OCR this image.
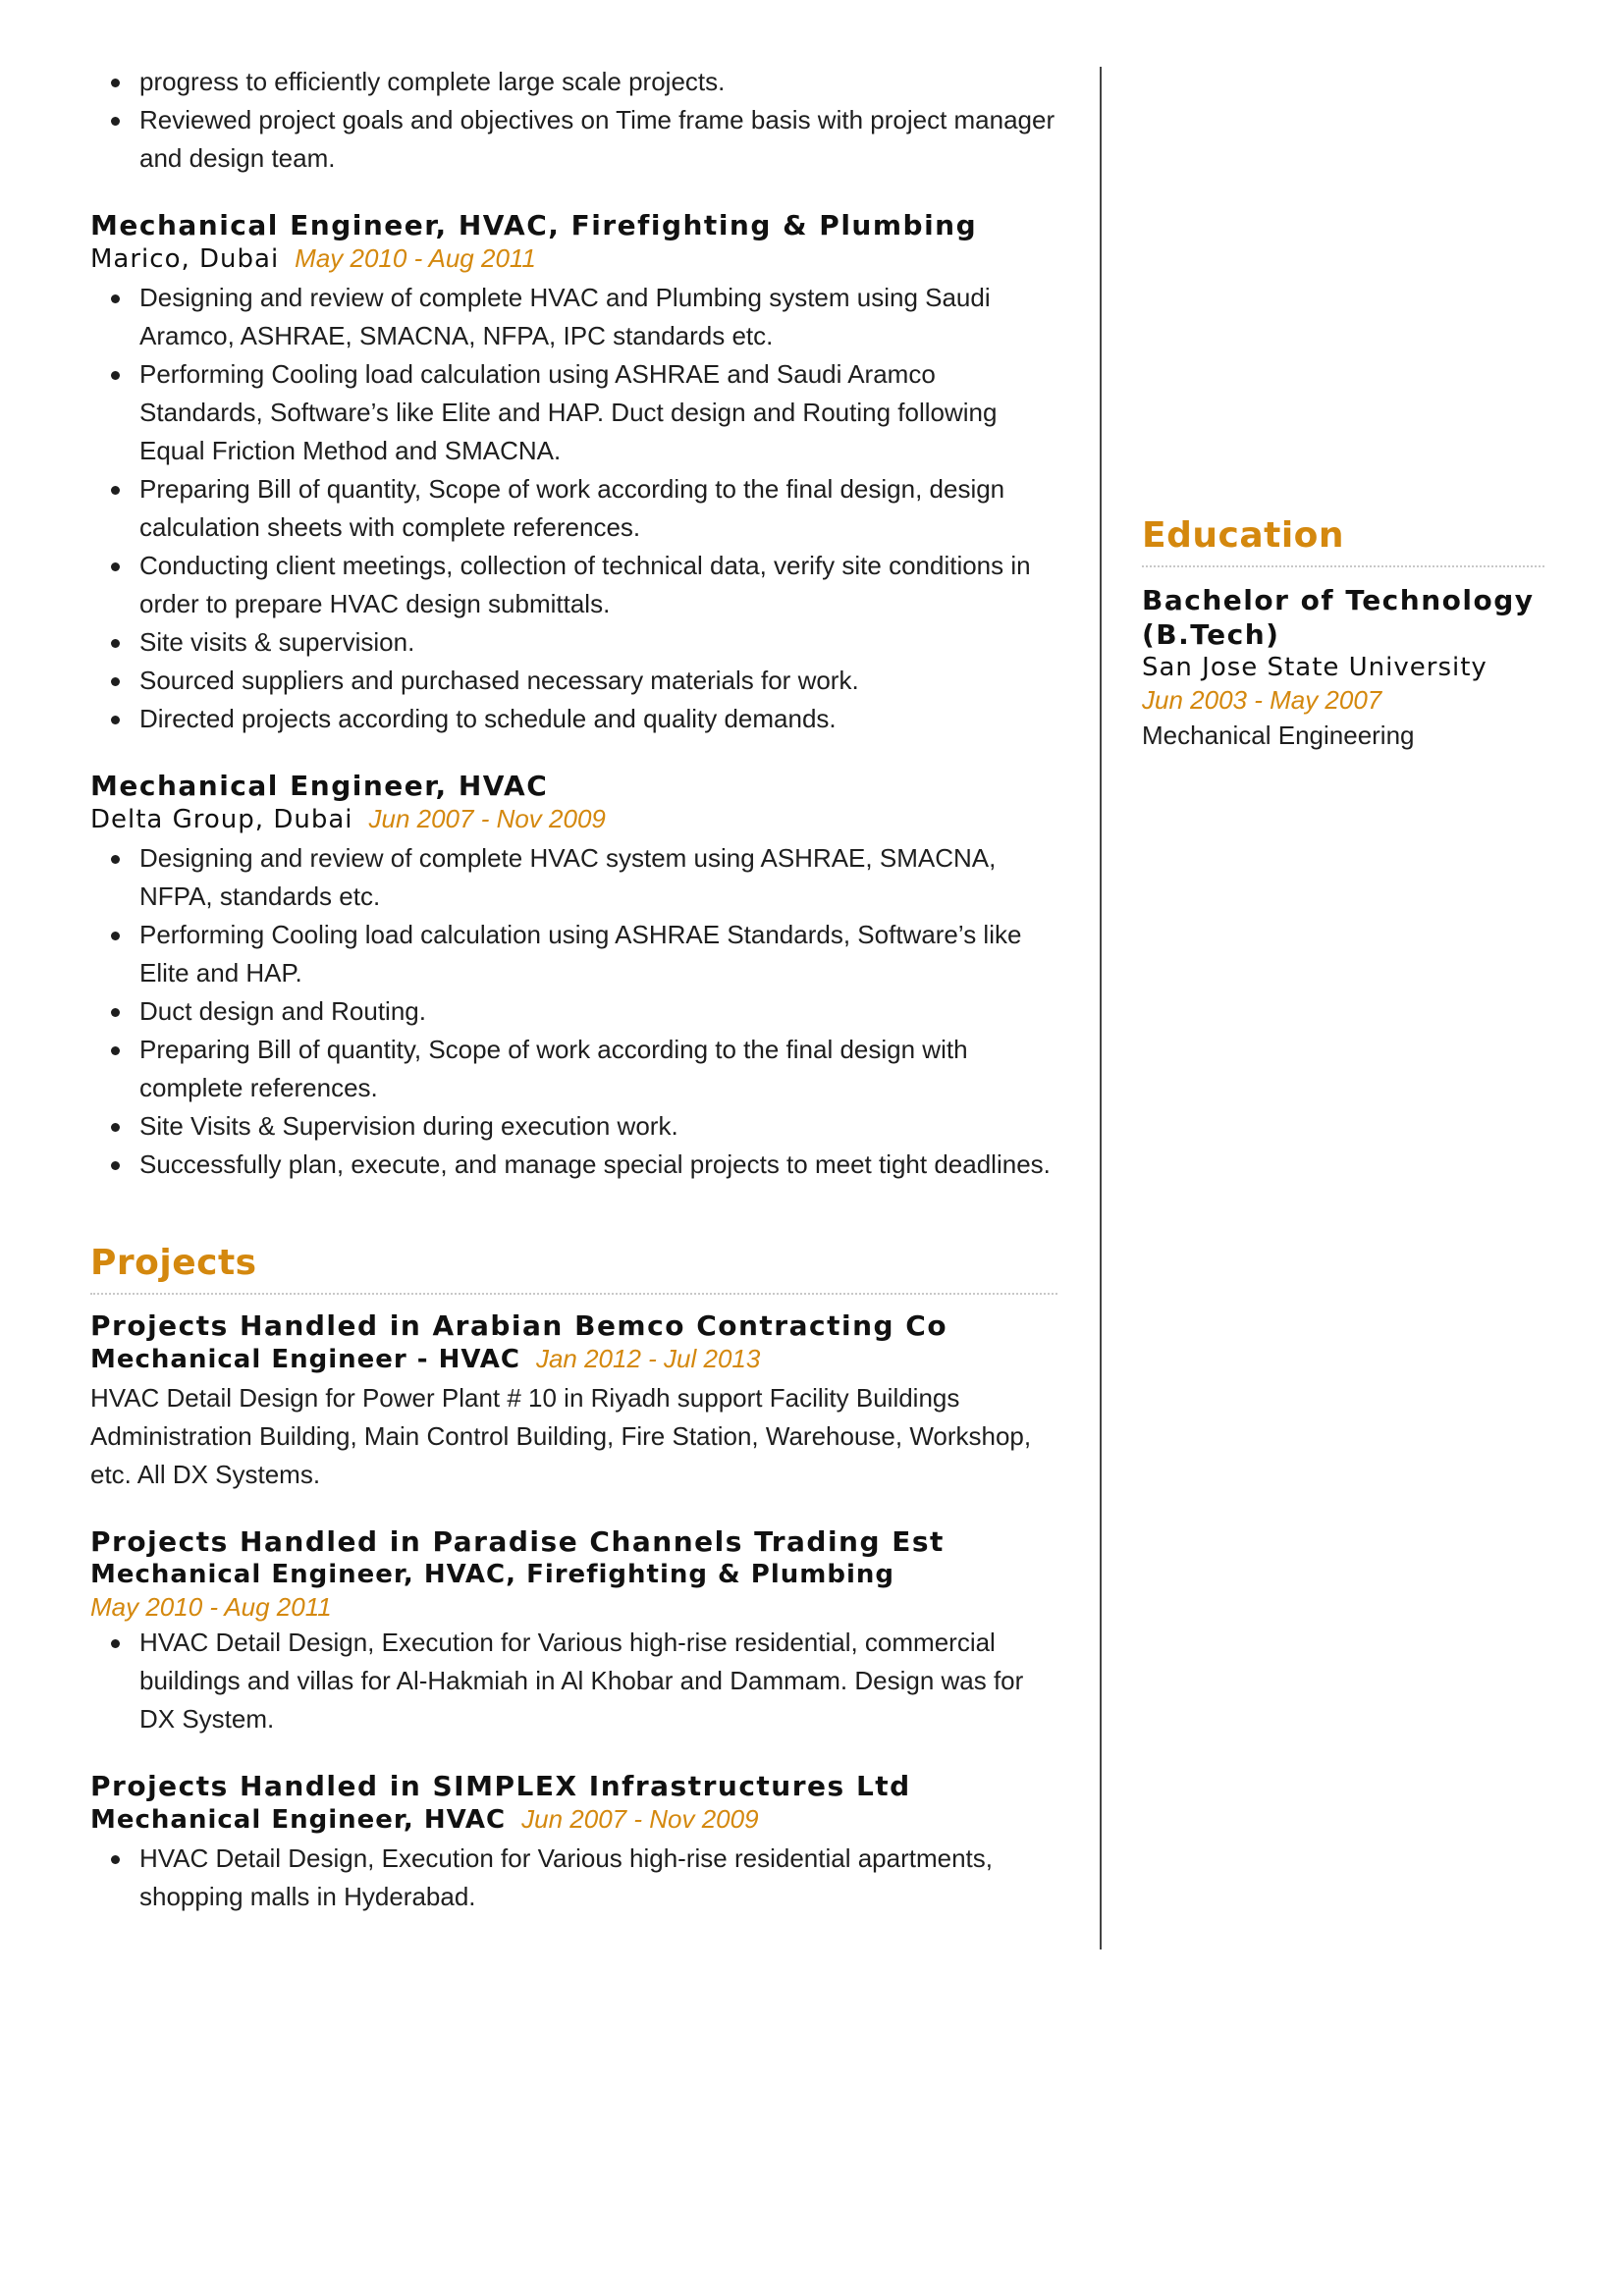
progress to efficiently complete large scale projects.
Reviewed project goals and objectives on Time frame basis with project manager and design team.
Mechanical Engineer, HVAC, Firefighting & Plumbing

Marico, Dubai May 2010 - Aug 2011

Designing and review of complete HVAC and Plumbing system using Saudi Aramco, ASHRAE, SMACNA, NFPA, IPC standards etc.
Performing Cooling load calculation using ASHRAE and Saudi Aramco Standards, Software’s like Elite and HAP. Duct design and Routing following Equal Friction Method and SMACNA.
Preparing Bill of quantity, Scope of work according to the final design, design calculation sheets with complete references.
Conducting client meetings, collection of technical data, verify site conditions in order to prepare HVAC design submittals.
Site visits & supervision.
Sourced suppliers and purchased necessary materials for work.
Directed projects according to schedule and quality demands.
Mechanical Engineer, HVAC

Delta Group, Dubai Jun 2007 - Nov 2009

Designing and review of complete HVAC system using ASHRAE, SMACNA, NFPA, standards etc.
Performing Cooling load calculation using ASHRAE Standards, Software’s like Elite and HAP.
Duct design and Routing.
Preparing Bill of quantity, Scope of work according to the final design with complete references.
Site Visits & Supervision during execution work.
Successfully plan, execute, and manage special projects to meet tight deadlines.
Projects
Projects Handled in Arabian Bemco Contracting Co

Mechanical Engineer - HVAC Jan 2012 - Jul 2013

HVAC Detail Design for Power Plant # 10 in Riyadh support Facility Buildings Administration Building, Main Control Building, Fire Station, Warehouse, Workshop, etc. All DX Systems.

Projects Handled in Paradise Channels Trading Est

Mechanical Engineer, HVAC, Firefighting & Plumbing

May 2010 - Aug 2011
HVAC Detail Design, Execution for Various high-rise residential, commercial buildings and villas for Al-Hakmiah in Al Khobar and Dammam. Design was for DX System.
Projects Handled in SIMPLEX Infrastructures Ltd

Mechanical Engineer, HVAC Jun 2007 - Nov 2009

HVAC Detail Design, Execution for Various high-rise residential apartments, shopping malls in Hyderabad.
Education
Bachelor of Technology (B.Tech)

San Jose State University

Jun 2003 - May 2007

Mechanical Engineering
